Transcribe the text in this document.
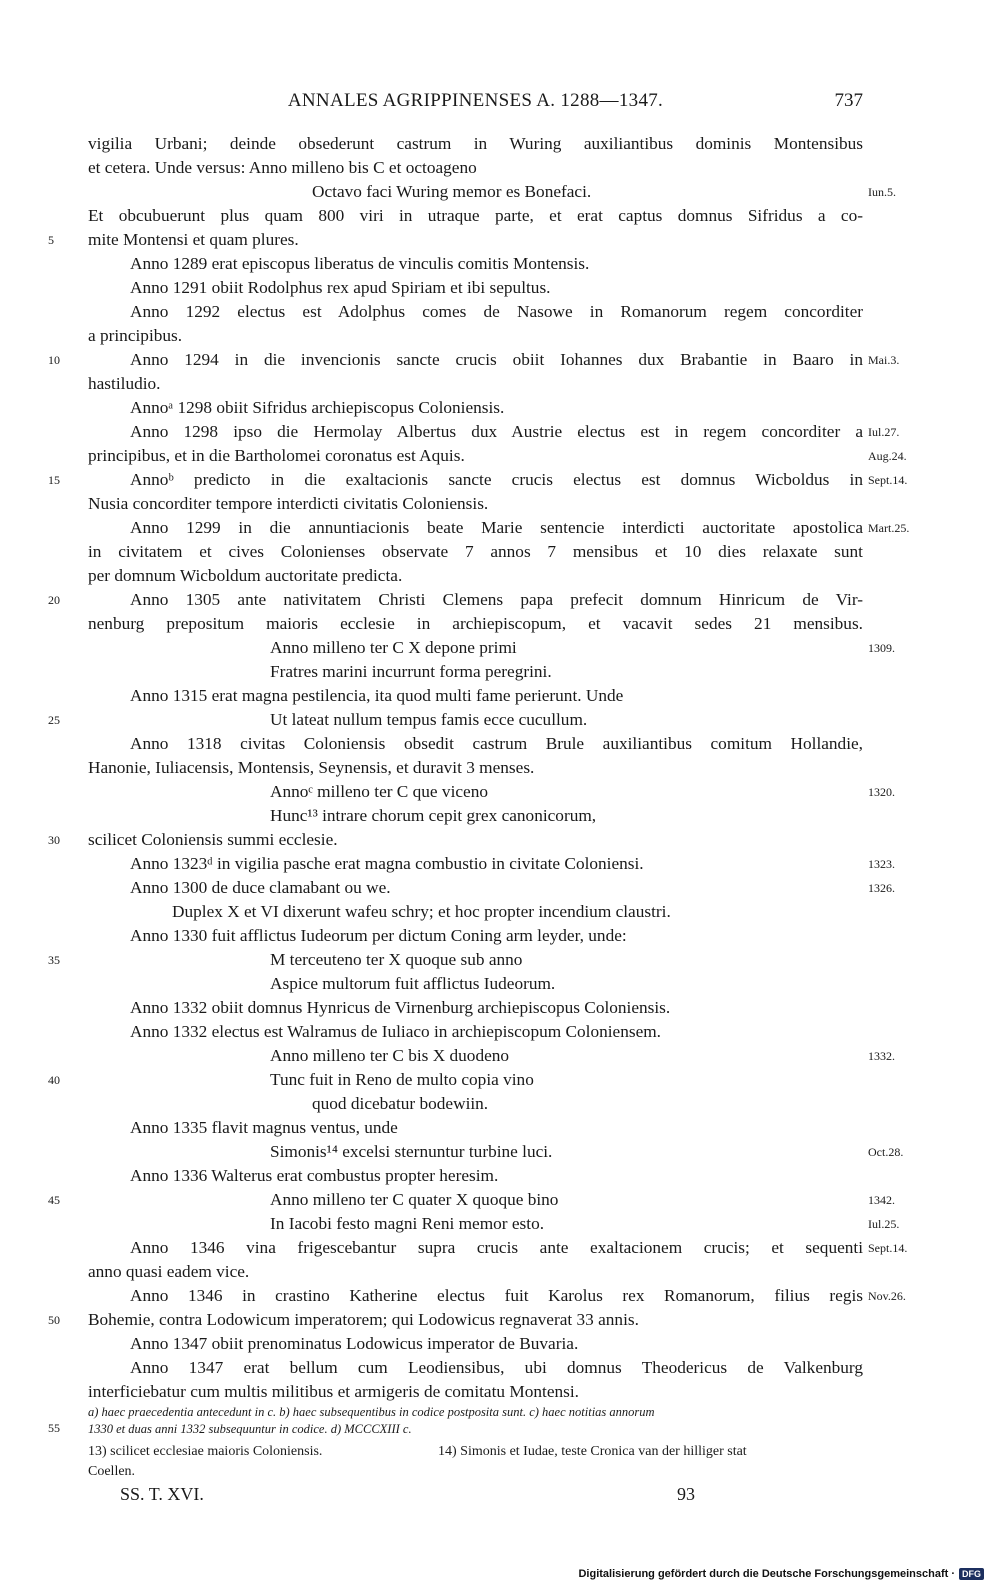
ANNALES AGRIPPINENSES A. 1288—1347.	737
vigilia Urbani; deinde obsederunt castrum in Wuring auxiliantibus dominis Montensibus
et cetera. Unde versus: Anno milleno bis C et octoageno
Octavo faci Wuring memor es Bonefaci.	Iun.5.
Et obcubuerunt plus quam 800 viri in utraque parte, et erat captus domnus Sifridus a co-
mite Montensi et quam plures.
5
Anno 1289 erat episcopus liberatus de vinculis comitis Montensis.
Anno 1291 obiit Rodolphus rex apud Spiriam et ibi sepultus.
Anno 1292 electus est Adolphus comes de Nasowe in Romanorum regem concorditer
a principibus.
Anno 1294 in die invencionis sancte crucis obiit Iohannes dux Brabantie in Baaro in
10	Mai.3.
hastiludio.
Annoᵃ 1298 obiit Sifridus archiepiscopus Coloniensis.
Anno 1298 ipso die Hermolay Albertus dux Austrie electus est in regem concorditer a Iul.27.
principibus, et in die Bartholomei coronatus est Aquis.	Aug.24.
Annoᵇ predicto in die exaltacionis sancte crucis electus est domnus Wicboldus in
15	Sept.14.
Nusia concorditer tempore interdicti civitatis Coloniensis.
Anno 1299 in die annuntiacionis beate Marie sentencie interdicti auctoritate apostolica Mart.25.
in civitatem et cives Colonienses observate 7 annos 7 mensibus et 10 dies relaxate sunt
per domnum Wicboldum auctoritate predicta.
Anno 1305 ante nativitatem Christi Clemens papa prefecit domnum Hinricum de Vir-
20
nenburg prepositum maioris ecclesie in archiepiscopum, et vacavit sedes 21 mensibus.
Anno milleno ter C X depone primi	1309.
Fratres marini incurrunt forma peregrini.
Anno 1315 erat magna pestilencia, ita quod multi fame perierunt. Unde
Ut lateat nullum tempus famis ecce cucullum.
25
Anno 1318 civitas Coloniensis obsedit castrum Brule auxiliantibus comitum Hollandie,
Hanonie, Iuliacensis, Montensis, Seynensis, et duravit 3 menses.
Annoᶜ milleno ter C que viceno	1320.
Hunc¹³ intrare chorum cepit grex canonicorum,
scilicet Coloniensis summi ecclesie.
30
Anno 1323ᵈ in vigilia pasche erat magna combustio in civitate Coloniensi.	1323.
Anno 1300 de duce clamabant ou we.	1326.
Duplex X et VI dixerunt wafeu schry; et hoc propter incendium claustri.
Anno 1330 fuit afflictus Iudeorum per dictum Coning arm leyder, unde:
M terceuteno ter X quoque sub anno
35
Aspice multorum fuit afflictus Iudeorum.
Anno 1332 obiit domnus Hynricus de Virnenburg archiepiscopus Coloniensis.
Anno 1332 electus est Walramus de Iuliaco in archiepiscopum Coloniensem.
Anno milleno ter C bis X duodeno	1332.
Tunc fuit in Reno de multo copia vino
40
quod dicebatur bodewiin.
Anno 1335 flavit magnus ventus, unde
Simonis¹⁴ excelsi sternuntur turbine luci.	Oct.28.
Anno 1336 Walterus erat combustus propter heresim.
Anno milleno ter C quater X quoque bino
45	1342.
In Iacobi festo magni Reni memor esto.	Iul.25.
Anno 1346 vina frigescebantur supra crucis ante exaltacionem crucis; et sequenti Sept.14.
anno quasi eadem vice.
Anno 1346 in crastino Katherine electus fuit Karolus rex Romanorum, filius regis Nov.26.
Bohemie, contra Lodowicum imperatorem; qui Lodowicus regnaverat 33 annis.
50
Anno 1347 obiit prenominatus Lodowicus imperator de Buvaria.
Anno 1347 erat bellum cum Leodiensibus, ubi domnus Theodericus de Valkenburg
interficiebatur cum multis militibus et armigeris de comitatu Montensi.
a) haec praecedentia antecedunt in c. b) haec subsequentibus in codice postposita sunt. c) haec notitias annorum
55 1330 et duas anni 1332 subsequuntur in codice. d) MCCCXIII c.
13) scilicet ecclesiae maioris Coloniensis.	14) Simonis et Iudae, teste Cronica van der hilliger stat
Coellen.
SS. T. XVI.	93
Digitalisierung gefördert durch die Deutsche Forschungsgemeinschaft · DFG
